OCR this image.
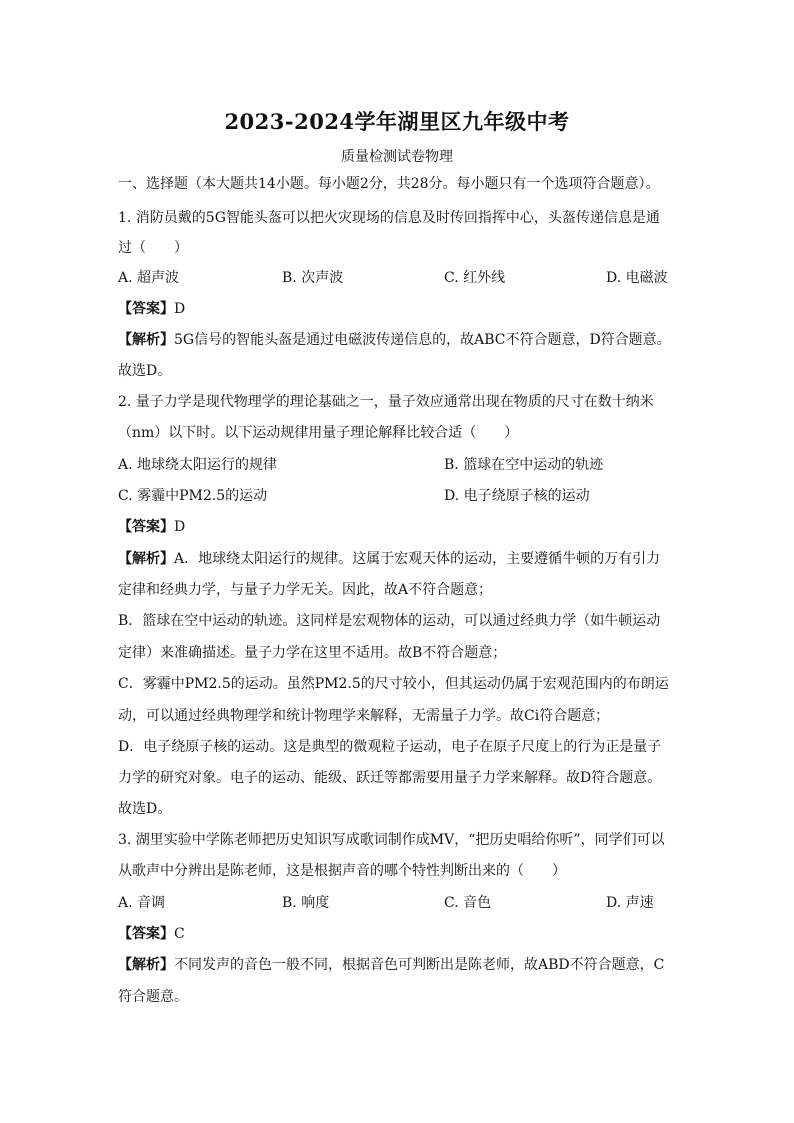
2023-2024学年湖里区九年级中考
质量检测试卷物理
一、选择题（本大题共14小题。每小题2分，共28分。每小题只有一个选项符合题意）。
1. 消防员戴的5G智能头盔可以把火灾现场的信息及时传回指挥中心，头盔传递信息是通
过（　　）
A. 超声波	B. 次声波	C. 红外线	D. 电磁波
【答案】D
【解析】5G信号的智能头盔是通过电磁波传递信息的，故ABC不符合题意，D符合题意。
故选D。
2. 量子力学是现代物理学的理论基础之一，量子效应通常出现在物质的尺寸在数十纳米
（nm）以下时。以下运动规律用量子理论解释比较合适（　　）
A. 地球绕太阳运行的规律	B. 篮球在空中运动的轨迹
C. 雾霾中PM2.5的运动	D. 电子绕原子核的运动
【答案】D
【解析】A．地球绕太阳运行的规律。这属于宏观天体的运动，主要遵循牛顿的万有引力
定律和经典力学，与量子力学无关。因此，故A不符合题意；
B．篮球在空中运动的轨迹。这同样是宏观物体的运动，可以通过经典力学（如牛顿运动
定律）来准确描述。量子力学在这里不适用。故B不符合题意；
C．雾霾中PM2.5的运动。虽然PM2.5的尺寸较小，但其运动仍属于宏观范围内的布朗运
动，可以通过经典物理学和统计物理学来解释，无需量子力学。故Ci符合题意；
D．电子绕原子核的运动。这是典型的微观粒子运动，电子在原子尺度上的行为正是量子
力学的研究对象。电子的运动、能级、跃迁等都需要用量子力学来解释。故D符合题意。
故选D。
3. 湖里实验中学陈老师把历史知识写成歌词制作成MV，“把历史唱给你听”，同学们可以
从歌声中分辨出是陈老师，这是根据声音的哪个特性判断出来的（　　）
A. 音调	B. 响度	C. 音色	D. 声速
【答案】C
【解析】不同发声的音色一般不同，根据音色可判断出是陈老师，故ABD不符合题意，C
符合题意。
